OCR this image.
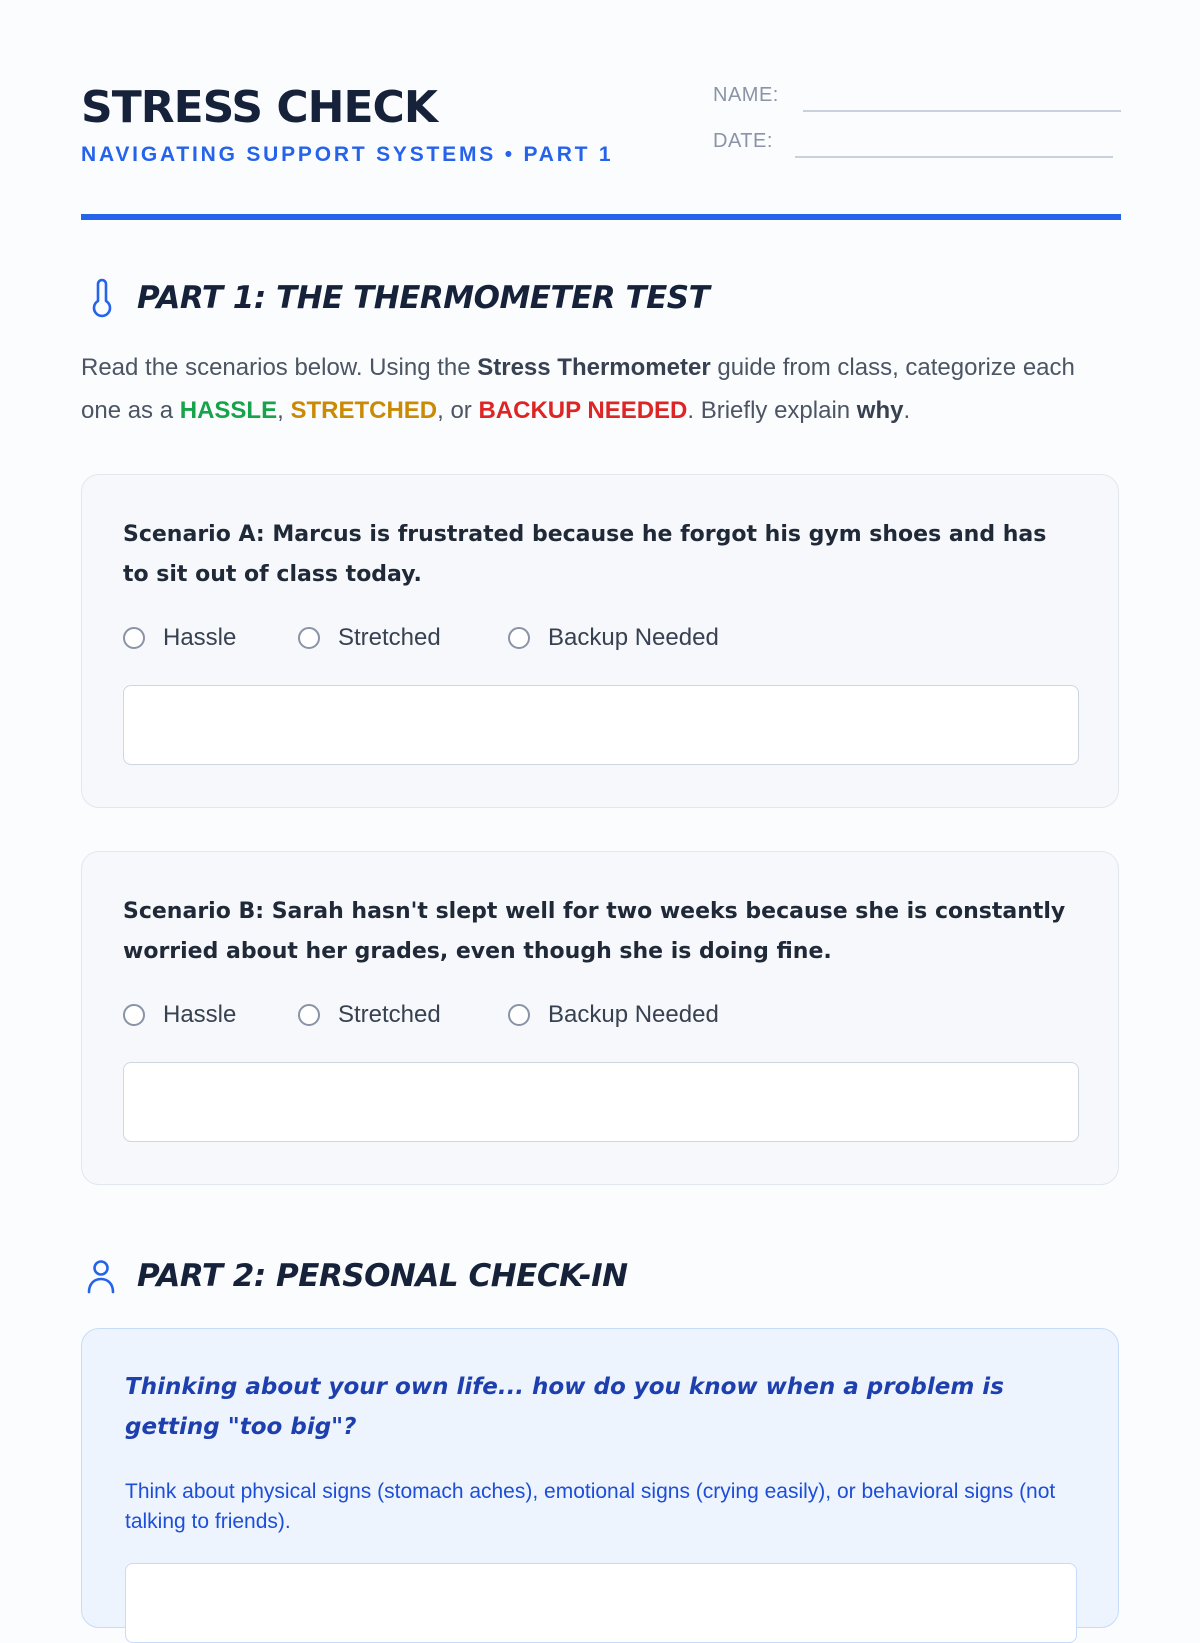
STRESS CHECK
NAVIGATING SUPPORT SYSTEMS • PART 1
NAME:
DATE:
PART 1: THE THERMOMETER TEST
Read the scenarios below. Using the Stress Thermometer guide from class, categorize each one as a HASSLE, STRETCHED, or BACKUP NEEDED. Briefly explain why.
Scenario A: Marcus is frustrated because he forgot his gym shoes and has to sit out of class today.
Hassle	Stretched	Backup Needed
Scenario B: Sarah hasn't slept well for two weeks because she is constantly worried about her grades, even though she is doing fine.
Hassle	Stretched	Backup Needed
PART 2: PERSONAL CHECK-IN
Thinking about your own life... how do you know when a problem is getting "too big"?
Think about physical signs (stomach aches), emotional signs (crying easily), or behavioral signs (not talking to friends).
